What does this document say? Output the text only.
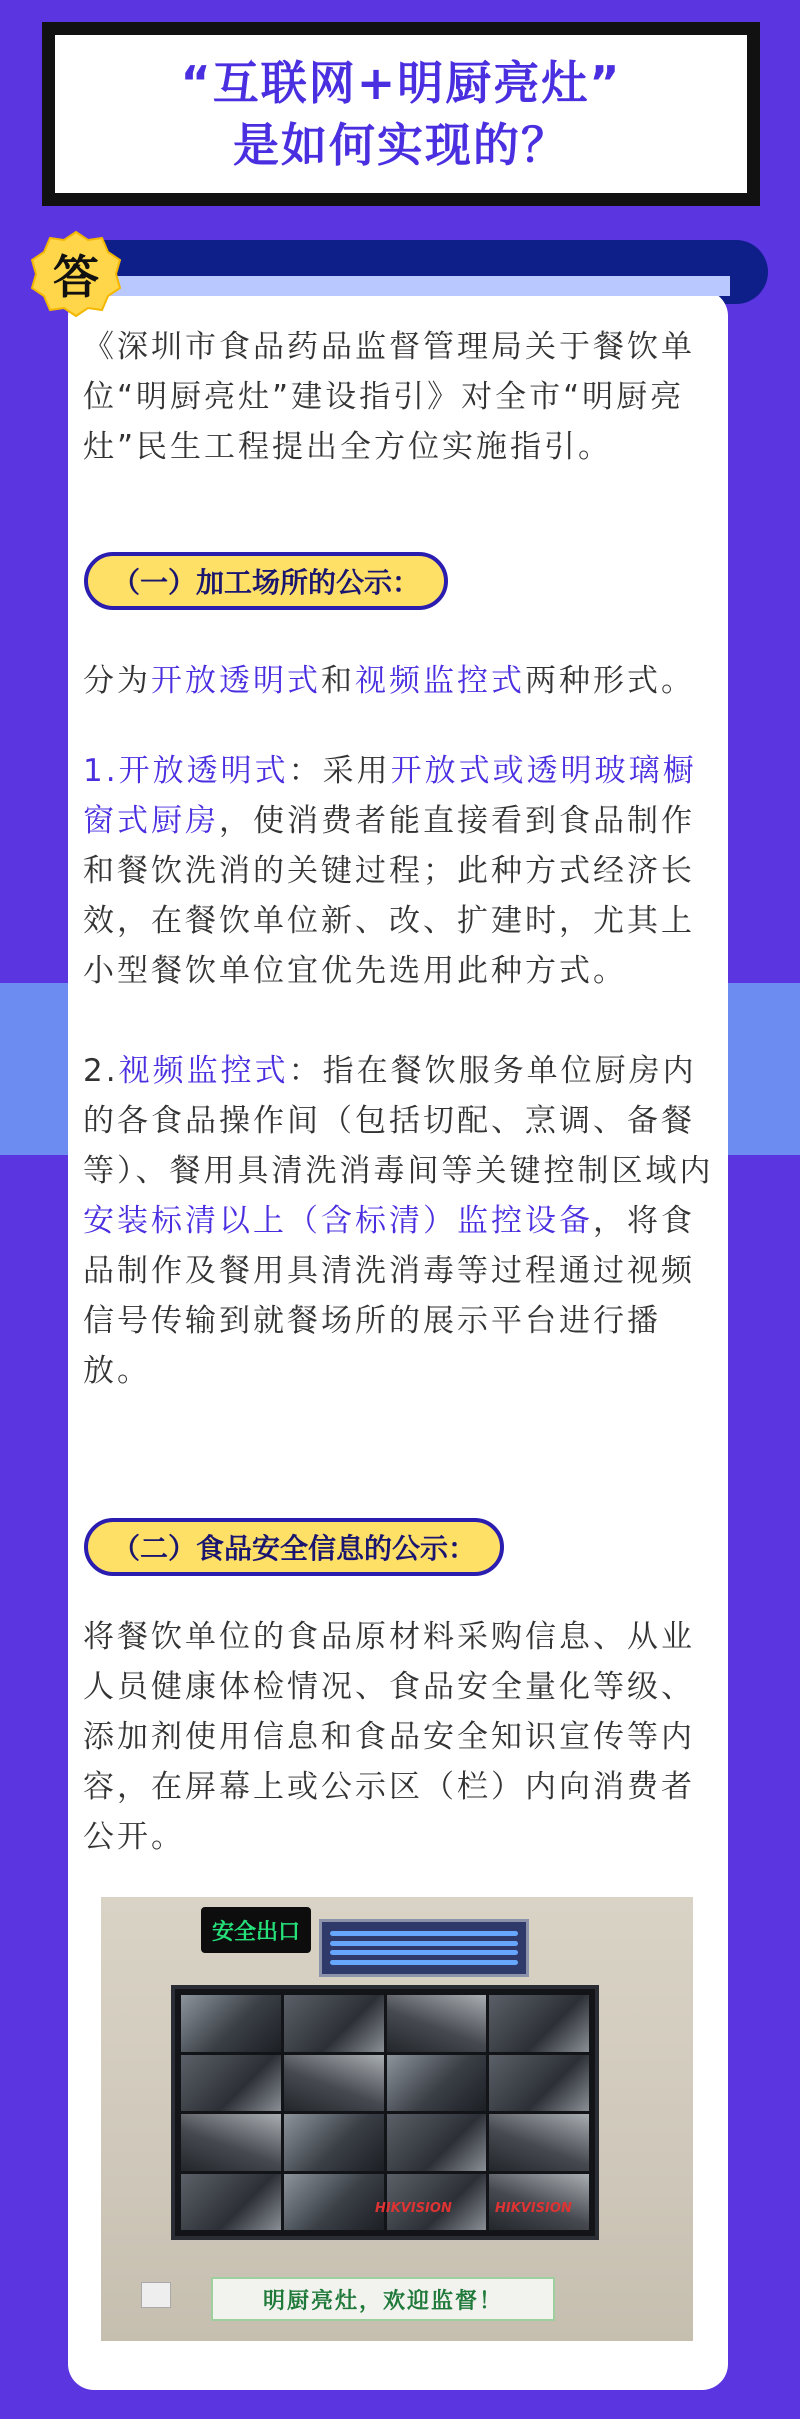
“互联网+明厨亮灶”
是如何实现的？
答

《深圳市食品药品监督管理局关于餐饮单位“明厨亮灶”建设指引》对全市“明厨亮灶”民生工程提出全方位实施指引。

（一）加工场所的公示：

分为开放透明式和视频监控式两种形式。

1.开放透明式：采用开放式或透明玻璃橱窗式厨房，使消费者能直接看到食品制作和餐饮洗消的关键过程；此种方式经济长效，在餐饮单位新、改、扩建时，尤其上小型餐饮单位宜优先选用此种方式。

2.视频监控式：指在餐饮服务单位厨房内的各食品操作间（包括切配、烹调、备餐等）、餐用具清洗消毒间等关键控制区域内安装标清以上（含标清）监控设备，将食品制作及餐用具清洗消毒等过程通过视频信号传输到就餐场所的展示平台进行播放。

（二）食品安全信息的公示：

将餐饮单位的食品原材料采购信息、从业人员健康体检情况、食品安全量化等级、添加剂使用信息和食品安全知识宣传等内容，在屏幕上或公示区（栏）内向消费者公开。

安全出口
HIKVISION	HIKVISION
明厨亮灶，欢迎监督！
